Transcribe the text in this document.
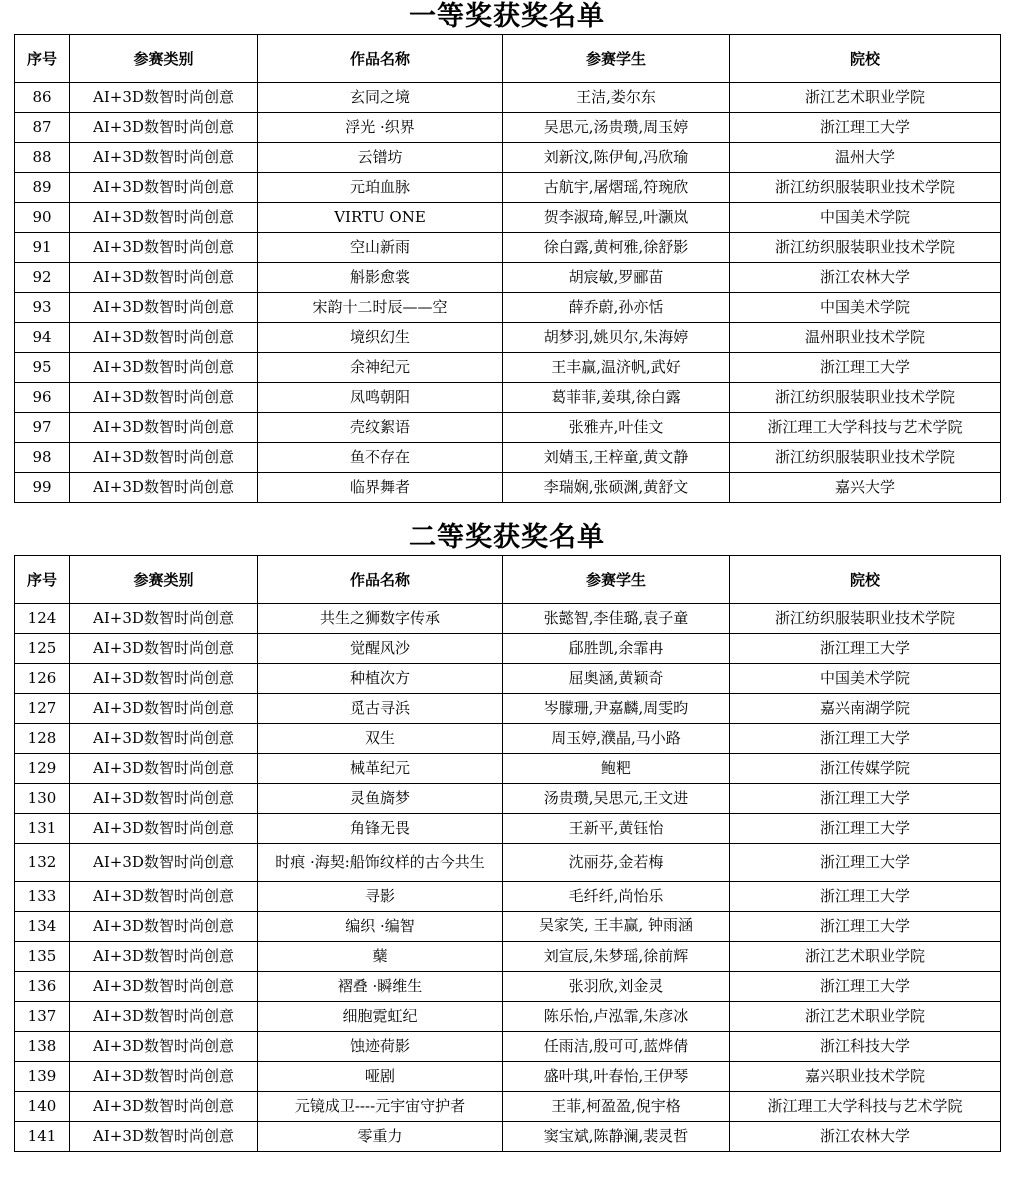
一等奖获奖名单
序号	参赛类别	作品名称	参赛学生	院校
86	AI+3D数智时尚创意	玄同之境	王洁,娄尔东	浙江艺术职业学院
87	AI+3D数智时尚创意	浮光 ·织界	吴思元,汤贵瓒,周玉婷	浙江理工大学
88	AI+3D数智时尚创意	云镨坊	刘新汶,陈伊甸,冯欣瑜	温州大学
89	AI+3D数智时尚创意	元珀血脉	古航宇,屠熠瑶,符琬欣	浙江纺织服装职业技术学院
90	AI+3D数智时尚创意	VIRTU ONE	贺李淑琦,解昱,叶灏岚	中国美术学院
91	AI+3D数智时尚创意	空山新雨	徐白露,黄柯雅,徐舒影	浙江纺织服装职业技术学院
92	AI+3D数智时尚创意	斛影愈裳	胡宸敏,罗郦苗	浙江农林大学
93	AI+3D数智时尚创意	宋韵十二时辰——空	薛乔蔚,孙亦恬	中国美术学院
94	AI+3D数智时尚创意	境织幻生	胡梦羽,姚贝尔,朱海婷	温州职业技术学院
95	AI+3D数智时尚创意	余神纪元	王丰赢,温济帆,武好	浙江理工大学
96	AI+3D数智时尚创意	凤鸣朝阳	葛菲菲,姜琪,徐白露	浙江纺织服装职业技术学院
97	AI+3D数智时尚创意	壳纹絮语	张雅卉,叶佳文	浙江理工大学科技与艺术学院
98	AI+3D数智时尚创意	鱼不存在	刘婧玉,王梓童,黄文静	浙江纺织服装职业技术学院
99	AI+3D数智时尚创意	临界舞者	李瑞娴,张硕渊,黄舒文	嘉兴大学
二等奖获奖名单
序号	参赛类别	作品名称	参赛学生	院校
124	AI+3D数智时尚创意	共生之狮数字传承	张懿智,李佳璐,袁子童	浙江纺织服装职业技术学院
125	AI+3D数智时尚创意	觉醒风沙	郈胜凯,余霏冉	浙江理工大学
126	AI+3D数智时尚创意	种植次方	屈奥涵,黄颖奇	中国美术学院
127	AI+3D数智时尚创意	觅古寻浜	岑朦珊,尹嘉麟,周雯昀	嘉兴南湖学院
128	AI+3D数智时尚创意	双生	周玉婷,濮晶,马小路	浙江理工大学
129	AI+3D数智时尚创意	械革纪元	鲍粑	浙江传媒学院
130	AI+3D数智时尚创意	灵鱼旖梦	汤贵瓒,吴思元,王文进	浙江理工大学
131	AI+3D数智时尚创意	角锋无畏	王新平,黄钰怡	浙江理工大学
132	AI+3D数智时尚创意	时痕 ·海契:船饰纹样的古今共生	沈丽芬,金若梅	浙江理工大学
133	AI+3D数智时尚创意	寻影	毛纤纤,尚怡乐	浙江理工大学
134	AI+3D数智时尚创意	编织 ·编智	吴家笑, 王丰赢, 钟雨涵	浙江理工大学
135	AI+3D数智时尚创意	蘖	刘宣辰,朱梦瑶,徐前辉	浙江艺术职业学院
136	AI+3D数智时尚创意	褶叠 ·瞬维生	张羽欣,刘金灵	浙江理工大学
137	AI+3D数智时尚创意	细胞霓虹纪	陈乐怡,卢泓霏,朱彦冰	浙江艺术职业学院
138	AI+3D数智时尚创意	蚀迹荷影	任雨洁,殷可可,蓝烨倩	浙江科技大学
139	AI+3D数智时尚创意	哑剧	盛叶琪,叶春怡,王伊琴	嘉兴职业技术学院
140	AI+3D数智时尚创意	元镜成卫----元宇宙守护者	王菲,柯盈盈,倪宇格	浙江理工大学科技与艺术学院
141	AI+3D数智时尚创意	零重力	窦宝斌,陈静澜,裴灵哲	浙江农林大学
